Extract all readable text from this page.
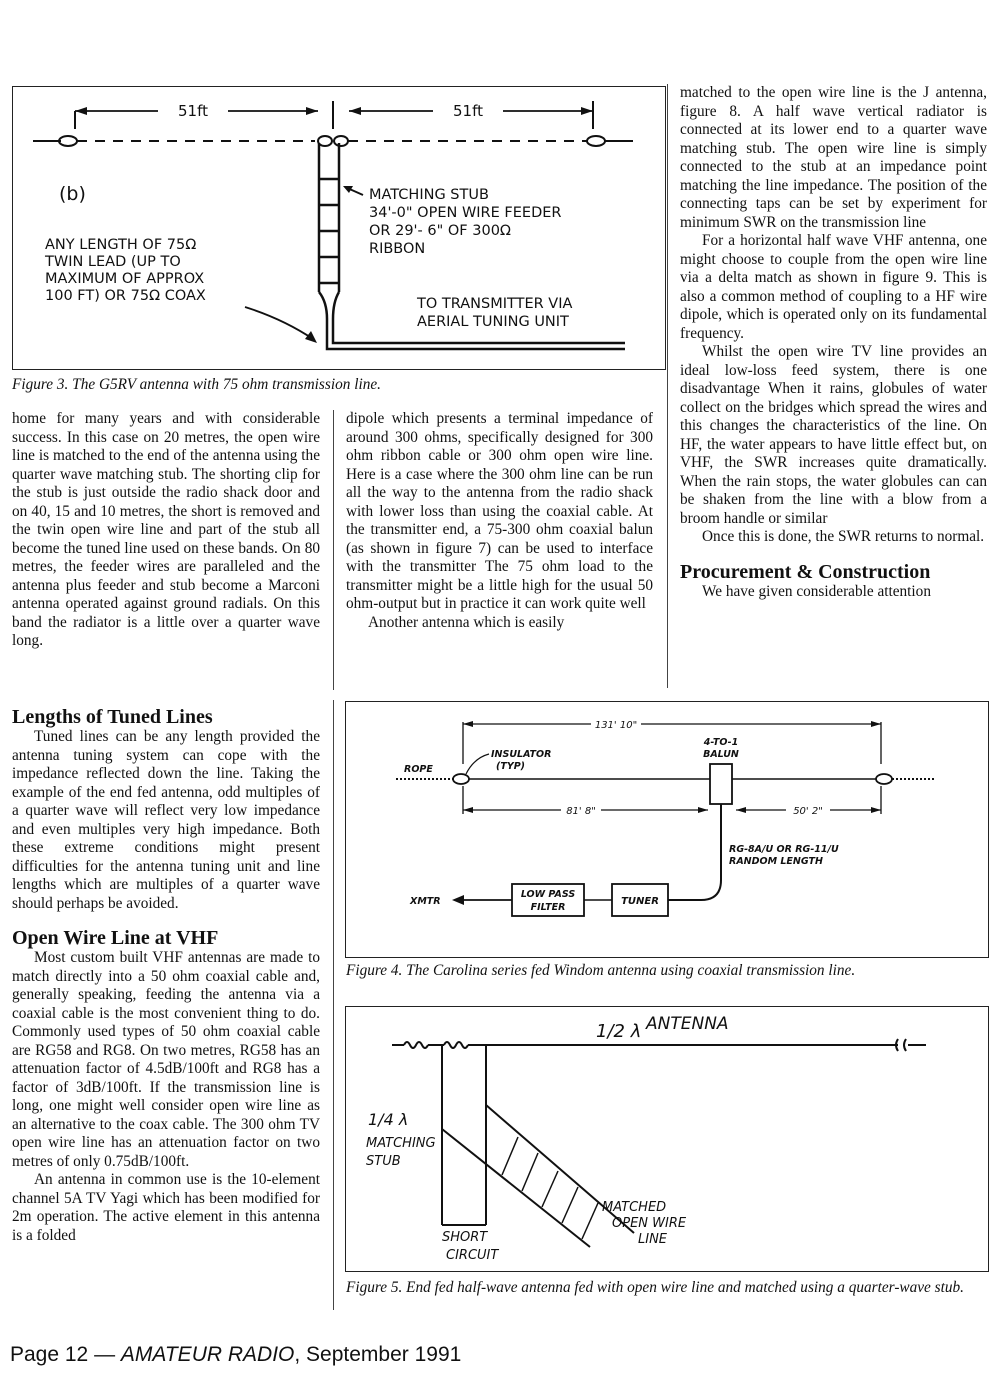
51ft	51ft
(b)	MATCHING STUB
34'-0" OPEN WIRE FEEDER
OR 29'- 6" OF 300Ω
RIBBON
ANY LENGTH OF 75Ω
TWIN LEAD (UP TO
MAXIMUM OF APPROX
100 FT) OR 75Ω COAX	TO TRANSMITTER VIA
AERIAL TUNING UNIT
Figure 3. The G5RV antenna with 75 ohm transmission line.

home for many years and with considerable success. In this case on 20 metres, the open wire line is matched to the end of the antenna using the quarter wave matching stub. The shorting clip for the stub is just outside the radio shack door and on 40, 15 and 10 metres, the short is removed and the twin open wire line and part of the stub all become the tuned line used on these bands. On 80 metres, the feeder wires are paralleled and the antenna plus feeder and stub become a Marconi antenna operated against ground radials. On this band the radiator is a little over a quarter wave long.

dipole which presents a terminal impedance of around 300 ohms, specifically designed for 300 ohm ribbon cable or 300 ohm open wire line. Here is a case where the 300 ohm line can be run all the way to the antenna from the radio shack with lower loss than using the coaxial cable. At the transmitter end, a 75-300 ohm coaxial balun (as shown in figure 7) can be used to interface with the transmitter The 75 ohm load to the transmitter might be a little high for the usual 50 ohm-output but in practice it can work quite well

Another antenna which is easily

matched to the open wire line is the J antenna, figure 8. A half wave vertical radiator is connected at its lower end to a quarter wave matching stub. The open wire line is simply connected to the stub at an impedance point matching the line impedance. The position of the connecting taps can be set by experiment for minimum SWR on the transmission line

For a horizontal half wave VHF antenna, one might choose to couple from the open wire line via a delta match as shown in figure 9. This is also a common method of coupling to a HF wire dipole, which is operated only on its fundamental frequency.

Whilst the open wire TV line provides an ideal low-loss feed system, there is one disadvantage When it rains, globules of water collect on the bridges which spread the wires and this changes the characteristics of the line. On HF, the water appears to have little effect but, on VHF, the SWR increases quite dramatically. When the rain stops, the water globules can can be shaken from the line with a blow from a broom handle or similar

Once this is done, the SWR returns to normal.

Procurement & Construction

We have given considerable attention

Lengths of Tuned Lines

Tuned lines can be any length provided the antenna tuning system can cope with the impedance reflected down the line. Taking the example of the end fed antenna, odd multiples of a quarter wave will reflect very low impedance and even multiples very high impedance. Both these extreme conditions might present difficulties for the antenna tuning unit and line lengths which are multiples of a quarter wave should perhaps be avoided.

Open Wire Line at VHF

Most custom built VHF antennas are made to match directly into a 50 ohm coaxial cable and, generally speaking, feeding the antenna via a coaxial cable is the most convenient thing to do. Commonly used types of 50 ohm coaxial cable are RG58 and RG8. On two metres, RG58 has an attenuation factor of 4.5dB/100ft and RG8 has a factor of 3dB/100ft. If the transmission line is long, one might well consider open wire line as an alternative to the coax cable. The 300 ohm TV open wire line has an attenuation factor on two metres of only 0.75dB/100ft.

An antenna in common use is the 10-element channel 5A TV Yagi which has been modified for 2m operation. The active element in this antenna is a folded

131' 10"
ROPE
INSULATOR
(TYP)
4-TO-1
BALUN
81' 8"	50' 2"
RG-8A/U OR RG-11/U
RANDOM LENGTH
TUNER
LOW PASS
FILTER
XMTR
Figure 4. The Carolina series fed Windom antenna using coaxial transmission line.
1/2 λ ANTENNA
1/4 λ
MATCHING
STUB
SHORT
CIRCUIT
MATCHED
OPEN WIRE
LINE
Figure 5. End fed half-wave antenna fed with open wire line and matched using a quarter-wave stub.
Page 12 — AMATEUR RADIO, September 1991
